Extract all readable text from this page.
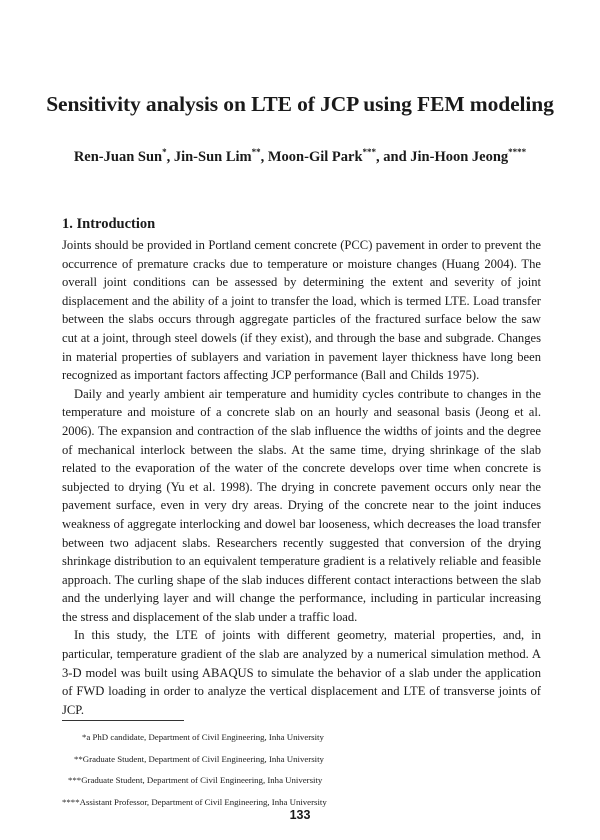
Sensitivity analysis on LTE of JCP using FEM modeling
Ren-Juan Sun*, Jin-Sun Lim**, Moon-Gil Park***, and Jin-Hoon Jeong****
1. Introduction

Joints should be provided in Portland cement concrete (PCC) pavement in order to prevent the occurrence of premature cracks due to temperature or moisture changes (Huang 2004). The overall joint conditions can be assessed by determining the extent and severity of joint displacement and the ability of a joint to transfer the load, which is termed LTE. Load transfer between the slabs occurs through aggregate particles of the fractured surface below the saw cut at a joint, through steel dowels (if they exist), and through the base and subgrade. Changes in material properties of sublayers and variation in pavement layer thickness have long been recognized as important factors affecting JCP performance (Ball and Childs 1975).

Daily and yearly ambient air temperature and humidity cycles contribute to changes in the temperature and moisture of a concrete slab on an hourly and seasonal basis (Jeong et al. 2006). The expansion and contraction of the slab influence the widths of joints and the degree of mechanical interlock between the slabs. At the same time, drying shrinkage of the slab related to the evaporation of the water of the concrete develops over time when concrete is subjected to drying (Yu et al. 1998). The drying in concrete pavement occurs only near the pavement surface, even in very dry areas. Drying of the concrete near to the joint induces weakness of aggregate interlocking and dowel bar looseness, which decreases the load transfer between two adjacent slabs. Researchers recently suggested that conversion of the drying shrinkage distribution to an equivalent temperature gradient is a relatively reliable and feasible approach. The curling shape of the slab induces different contact interactions between the slab and the underlying layer and will change the performance, including in particular increasing the stress and displacement of the slab under a traffic load.

In this study, the LTE of joints with different geometry, material properties, and, in particular, temperature gradient of the slab are analyzed by a numerical simulation method. A 3-D model was built using ABAQUS to simulate the behavior of a slab under the application of FWD loading in order to analyze the vertical displacement and LTE of transverse joints of JCP.

*a PhD candidate, Department of Civil Engineering, Inha University
**Graduate Student, Department of Civil Engineering, Inha University
***Graduate Student, Department of Civil Engineering, Inha University
****Assistant Professor, Department of Civil Engineering, Inha University
133
